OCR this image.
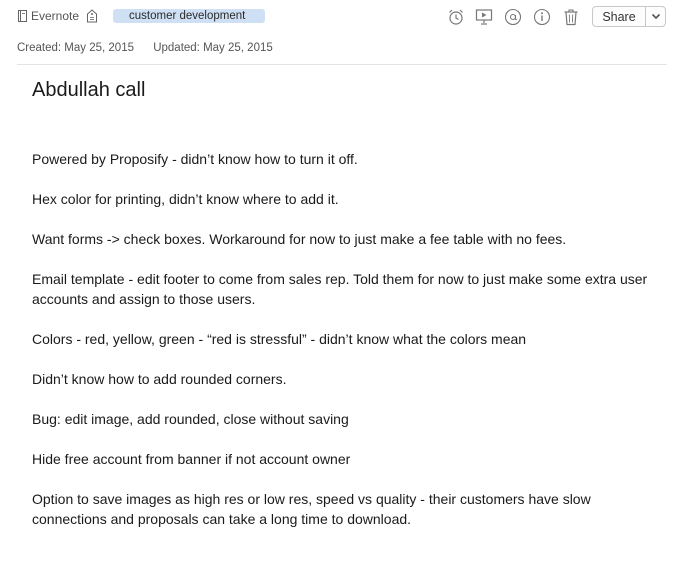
Evernote	customer development	Share
Created: May 25, 2015 Updated: May 25, 2015
Abdullah call

Powered by Proposify - didn’t know how to turn it off.

Hex color for printing, didn’t know where to add it.

Want forms -> check boxes. Workaround for now to just make a fee table with no fees.

Email template - edit footer to come from sales rep. Told them for now to just make some extra user accounts and assign to those users.

Colors - red, yellow, green - “red is stressful” - didn’t know what the colors mean

Didn’t know how to add rounded corners.

Bug: edit image, add rounded, close without saving

Hide free account from banner if not account owner

Option to save images as high res or low res, speed vs quality - their customers have slow connections and proposals can take a long time to download.
